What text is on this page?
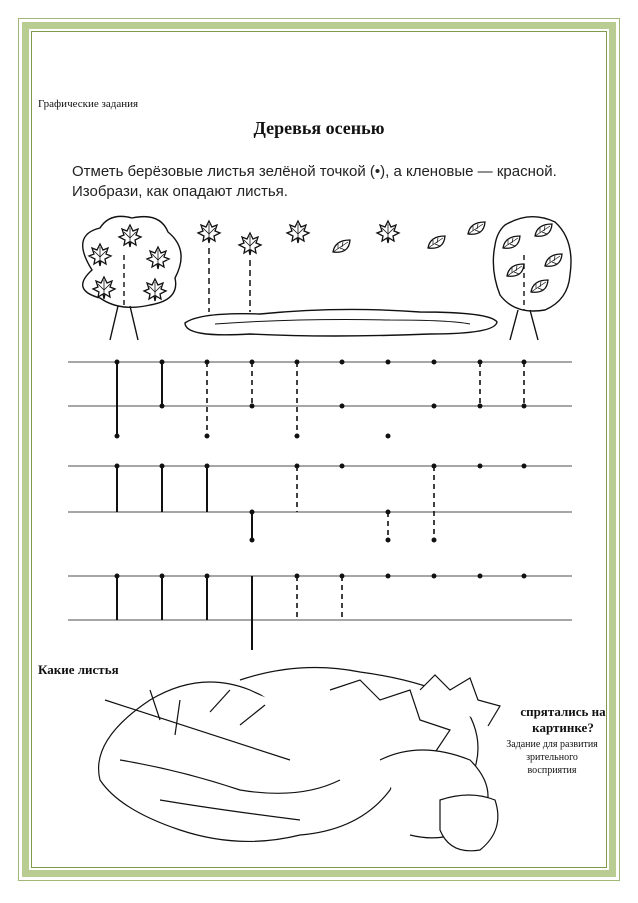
Графические задания
Деревья осенью
Отметь берёзовые листья зелёной точкой (•), а кленовые — красной. Изобрази, как опадают листья.
Какие листья
спрятались на картинке?
Задание для развития зрительного восприятия
